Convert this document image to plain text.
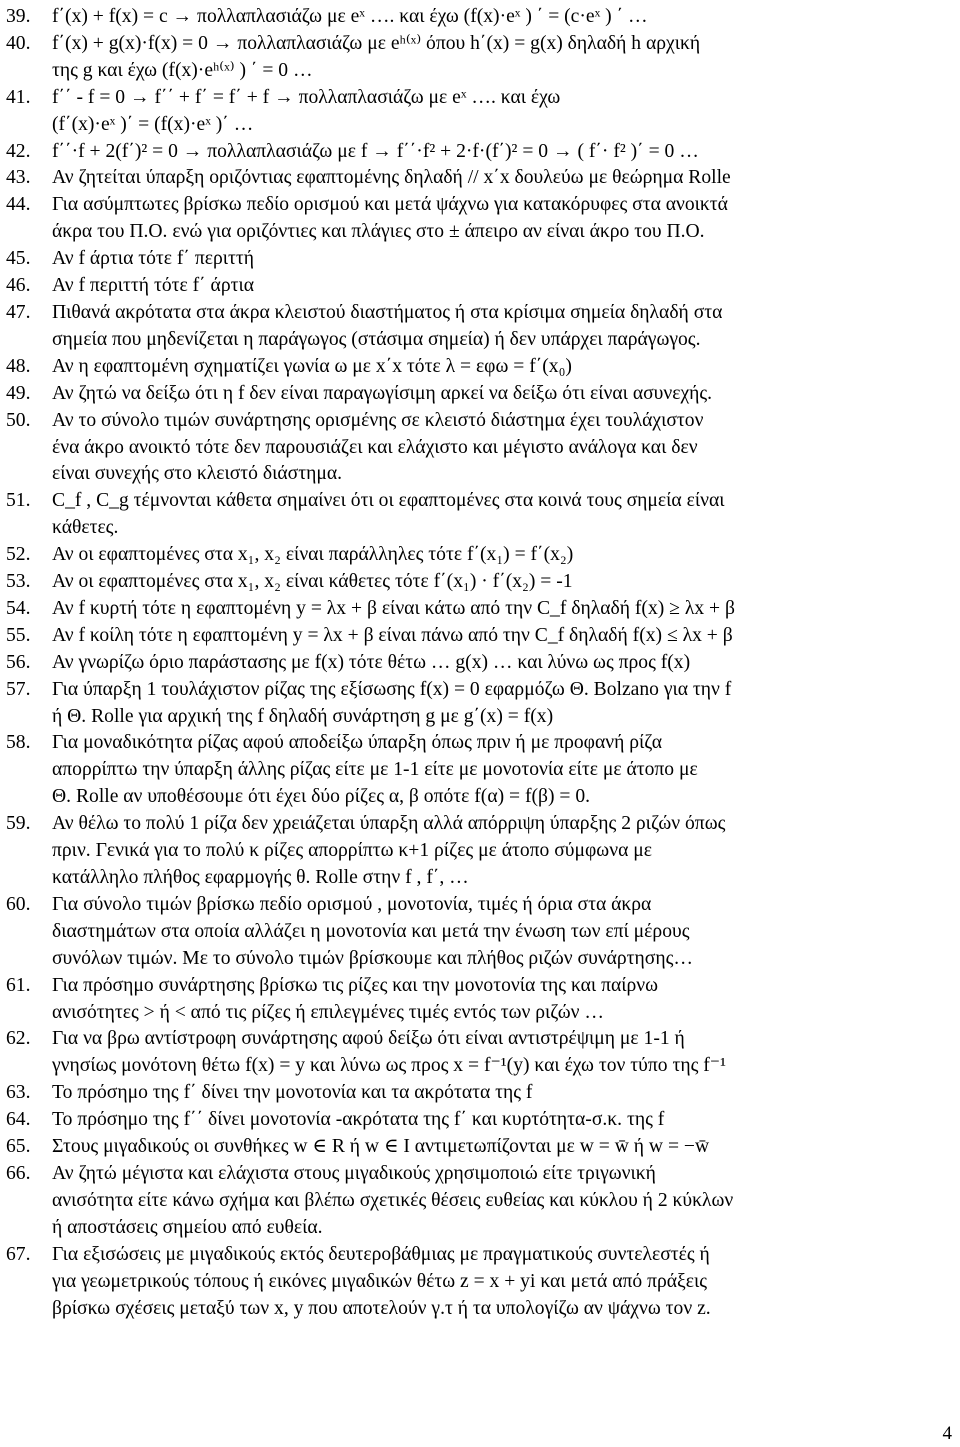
39. f΄(x) + f(x) = c → πολλαπλασιάζω με eˣ …. και έχω (f(x)·eˣ ) ΄ = (c·eˣ ) ΄ …
40. f΄(x) + g(x)·f(x) = 0 → πολλαπλασιάζω με eʰ⁽ˣ⁾ όπου h΄(x) = g(x) δηλαδή h αρχική
της g και έχω (f(x)·eʰ⁽ˣ⁾ ) ΄ = 0 …
41. f΄΄ - f = 0 → f΄΄ + f΄ = f΄ + f → πολλαπλασιάζω με eˣ …. και έχω
(f΄(x)·eˣ )΄ = (f(x)·eˣ )΄ …
42. f΄΄·f + 2(f΄)² = 0 → πολλαπλασιάζω με f → f΄΄·f² + 2·f·(f΄)² = 0 → ( f΄· f² )΄ = 0 …
43. Αν ζητείται ύπαρξη οριζόντιας εφαπτομένης δηλαδή // x΄x δουλεύω με θεώρημα Rolle
44. Για ασύμπτωτες βρίσκω πεδίο ορισμού και μετά ψάχνω για κατακόρυφες στα ανοικτά
άκρα του Π.Ο. ενώ για οριζόντιες και πλάγιες στο ± άπειρο αν είναι άκρο του Π.Ο.
45. Αν f άρτια τότε f΄ περιττή
46. Αν f περιττή τότε f΄ άρτια
47. Πιθανά ακρότατα στα άκρα κλειστού διαστήματος ή στα κρίσιμα σημεία δηλαδή στα
σημεία που μηδενίζεται η παράγωγος (στάσιμα σημεία) ή δεν υπάρχει παράγωγος.
48. Αν η εφαπτομένη σχηματίζει γωνία ω με x΄x τότε λ = εφω = f΄(x₀)
49. Αν ζητώ να δείξω ότι η f δεν είναι παραγωγίσιμη αρκεί να δείξω ότι είναι ασυνεχής.
50. Αν το σύνολο τιμών συνάρτησης ορισμένης σε κλειστό διάστημα έχει τουλάχιστον
ένα άκρο ανοικτό τότε δεν παρουσιάζει και ελάχιστο και μέγιστο ανάλογα και δεν
είναι συνεχής στο κλειστό διάστημα.
51. C_f , C_g τέμνονται κάθετα σημαίνει ότι οι εφαπτομένες στα κοινά τους σημεία είναι
κάθετες.
52. Αν οι εφαπτομένες στα x₁, x₂ είναι παράλληλες τότε f΄(x₁) = f΄(x₂)
53. Αν οι εφαπτομένες στα x₁, x₂ είναι κάθετες τότε f΄(x₁) · f΄(x₂) = -1
54. Αν f κυρτή τότε η εφαπτομένη y = λx + β είναι κάτω από την C_f δηλαδή f(x) ≥ λx + β
55. Αν f κοίλη τότε η εφαπτομένη y = λx + β είναι πάνω από την C_f δηλαδή f(x) ≤ λx + β
56. Αν γνωρίζω όριο παράστασης με f(x) τότε θέτω … g(x) … και λύνω ως προς f(x)
57. Για ύπαρξη 1 τουλάχιστον ρίζας της εξίσωσης f(x) = 0 εφαρμόζω Θ. Bolzano για την f
ή Θ. Rolle για αρχική της f δηλαδή συνάρτηση g με g΄(x) = f(x)
58. Για μοναδικότητα ρίζας αφού αποδείξω ύπαρξη όπως πριν ή με προφανή ρίζα
απορρίπτω την ύπαρξη άλλης ρίζας είτε με 1-1 είτε με μονοτονία είτε με άτοπο με
Θ. Rolle αν υποθέσουμε ότι έχει δύο ρίζες α, β οπότε f(α) = f(β) = 0.
59. Αν θέλω το πολύ 1 ρίζα δεν χρειάζεται ύπαρξη αλλά απόρριψη ύπαρξης 2 ριζών όπως
πριν. Γενικά για το πολύ κ ρίζες απορρίπτω κ+1 ρίζες με άτοπο σύμφωνα με
κατάλληλο πλήθος εφαρμογής θ. Rolle στην f , f΄, …
60. Για σύνολο τιμών βρίσκω πεδίο ορισμού , μονοτονία, τιμές ή όρια στα άκρα
διαστημάτων στα οποία αλλάζει η μονοτονία και μετά την ένωση των επί μέρους
συνόλων τιμών. Με το σύνολο τιμών βρίσκουμε και πλήθος ριζών συνάρτησης…
61. Για πρόσημο συνάρτησης βρίσκω τις ρίζες και την μονοτονία της και παίρνω
ανισότητες > ή < από τις ρίζες ή επιλεγμένες τιμές εντός των ριζών …
62. Για να βρω αντίστροφη συνάρτησης αφού δείξω ότι είναι αντιστρέψιμη με 1-1 ή
γνησίως μονότονη θέτω f(x) = y και λύνω ως προς x = f⁻¹(y) και έχω τον τύπο της f⁻¹
63. Το πρόσημο της f΄ δίνει την μονοτονία και τα ακρότατα της f
64. Το πρόσημο της f΄΄ δίνει μονοτονία -ακρότατα της f΄ και κυρτότητα-σ.κ. της f
65. Στους μιγαδικούς οι συνθήκες w ∈ R ή w ∈ I αντιμετωπίζονται με w = w̄ ή w = −w̄
66. Αν ζητώ μέγιστα και ελάχιστα στους μιγαδικούς χρησιμοποιώ είτε τριγωνική
ανισότητα είτε κάνω σχήμα και βλέπω σχετικές θέσεις ευθείας και κύκλου ή 2 κύκλων
ή αποστάσεις σημείου από ευθεία.
67. Για εξισώσεις με μιγαδικούς εκτός δευτεροβάθμιας με πραγματικούς συντελεστές ή
για γεωμετρικούς τόπους ή εικόνες μιγαδικών θέτω z = x + yi και μετά από πράξεις
βρίσκω σχέσεις μεταξύ των x, y που αποτελούν γ.τ ή τα υπολογίζω αν ψάχνω τον z.
4
